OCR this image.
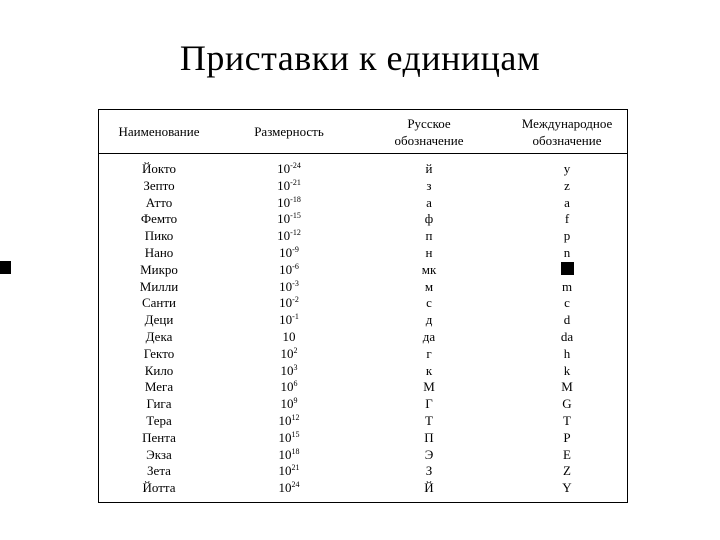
Приставки к единицам
Наименование	Размерность
Русское обозначение
Международное обозначение
Йокто
Зепто
Атто
Фемто
Пико
Нано
Микро
Милли
Санти
Деци
Дека
Гекто
Кило
Мега
Гига
Тера
Пента
Экза
Зета
Йотта
$10^{-24}$
$10^{-21}$
$10^{-18}$
$10^{-15}$
$10^{-12}$
$10^{-9}$
$10^{-6}$
$10^{-3}$
$10^{-2}$
$10^{-1}$
10
$10^2$
$10^3$
$10^6$
$10^9$
$10^{12}$
$10^{15}$
$10^{18}$
$10^{21}$
$10^{24}$
й
з
а
ф
п
н
мк
м
с
д
да
г
к
М
Г
Т
П
Э
З
Й
y
z
a
f
p
n
m
c
d
da
h
k
M
G
T
P
E
Z
Y
